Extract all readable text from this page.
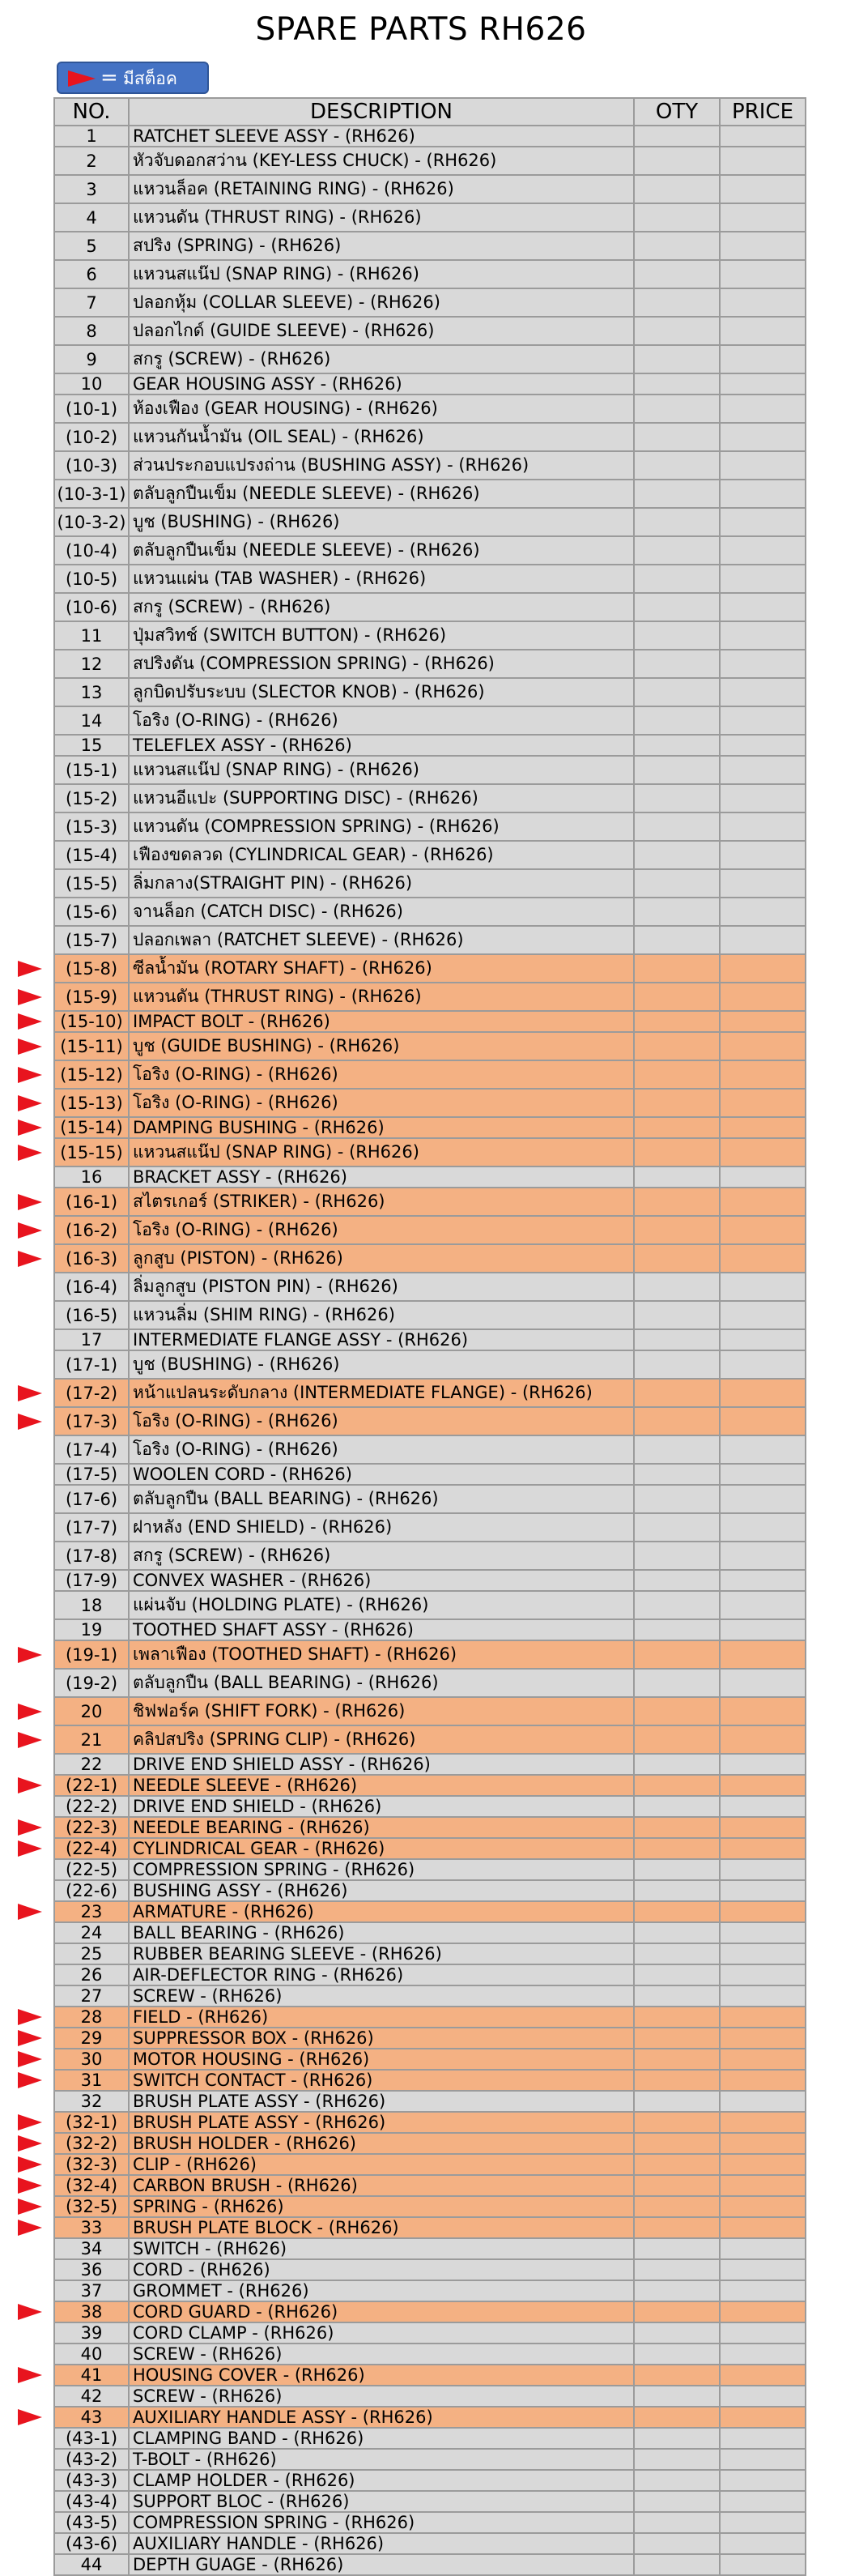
SPARE PARTS RH626
= มีสต็อค
NO.	DESCRIPTION	OTY	PRICE
1	RATCHET SLEEVE ASSY - (RH626)		
2	หัวจับดอกสว่าน (KEY-LESS CHUCK) - (RH626)		
3	แหวนล็อค (RETAINING RING) - (RH626)		
4	แหวนดัน (THRUST RING) - (RH626)		
5	สปริง (SPRING) - (RH626)		
6	แหวนสแน๊ป (SNAP RING) - (RH626)		
7	ปลอกหุ้ม (COLLAR SLEEVE) - (RH626)		
8	ปลอกไกด์ (GUIDE SLEEVE) - (RH626)		
9	สกรู (SCREW) - (RH626)		
10	GEAR HOUSING ASSY - (RH626)		
(10-1)	ห้องเฟือง (GEAR HOUSING) - (RH626)		
(10-2)	แหวนกันน้ำมัน (OIL SEAL) - (RH626)		
(10-3)	ส่วนประกอบแปรงถ่าน (BUSHING ASSY) - (RH626)		
(10-3-1)	ตลับลูกปืนเข็ม (NEEDLE SLEEVE) - (RH626)		
(10-3-2)	บูช (BUSHING) - (RH626)		
(10-4)	ตลับลูกปืนเข็ม (NEEDLE SLEEVE) - (RH626)		
(10-5)	แหวนแผ่น (TAB WASHER) - (RH626)		
(10-6)	สกรู (SCREW) - (RH626)		
11	ปุ่มสวิทช์ (SWITCH BUTTON) - (RH626)		
12	สปริงดัน (COMPRESSION SPRING) - (RH626)		
13	ลูกบิดปรับระบบ (SLECTOR KNOB) - (RH626)		
14	โอริง (O-RING) - (RH626)		
15	TELEFLEX ASSY - (RH626)		
(15-1)	แหวนสแน๊ป (SNAP RING) - (RH626)		
(15-2)	แหวนอีแปะ (SUPPORTING DISC) - (RH626)		
(15-3)	แหวนดัน (COMPRESSION SPRING) - (RH626)		
(15-4)	เฟืองขดลวด (CYLINDRICAL GEAR) - (RH626)		
(15-5)	ลิ่มกลาง(STRAIGHT PIN) - (RH626)		
(15-6)	จานล็อก (CATCH DISC) - (RH626)		
(15-7)	ปลอกเพลา (RATCHET SLEEVE) - (RH626)		
(15-8)	ซีลน้ำมัน (ROTARY SHAFT) - (RH626)		
(15-9)	แหวนดัน (THRUST RING) - (RH626)		
(15-10)	IMPACT BOLT - (RH626)		
(15-11)	บูช (GUIDE BUSHING) - (RH626)		
(15-12)	โอริง (O-RING) - (RH626)		
(15-13)	โอริง (O-RING) - (RH626)		
(15-14)	DAMPING BUSHING - (RH626)		
(15-15)	แหวนสแน๊ป (SNAP RING) - (RH626)		
16	BRACKET ASSY - (RH626)		
(16-1)	สไตรเกอร์ (STRIKER) - (RH626)		
(16-2)	โอริง (O-RING) - (RH626)		
(16-3)	ลูกสูบ (PISTON) - (RH626)		
(16-4)	ลิ่มลูกสูบ (PISTON PIN) - (RH626)		
(16-5)	แหวนลิ่ม (SHIM RING) - (RH626)		
17	INTERMEDIATE FLANGE ASSY - (RH626)		
(17-1)	บูช (BUSHING) - (RH626)		
(17-2)	หน้าแปลนระดับกลาง (INTERMEDIATE FLANGE) - (RH626)		
(17-3)	โอริง (O-RING) - (RH626)		
(17-4)	โอริง (O-RING) - (RH626)		
(17-5)	WOOLEN CORD - (RH626)		
(17-6)	ตลับลูกปืน (BALL BEARING) - (RH626)		
(17-7)	ฝาหลัง (END SHIELD) - (RH626)		
(17-8)	สกรู (SCREW) - (RH626)		
(17-9)	CONVEX WASHER - (RH626)		
18	แผ่นจับ (HOLDING PLATE) - (RH626)		
19	TOOTHED SHAFT ASSY - (RH626)		
(19-1)	เพลาเฟือง (TOOTHED SHAFT) - (RH626)		
(19-2)	ตลับลูกปืน (BALL BEARING) - (RH626)		
20	ชิฟฟอร์ค (SHIFT FORK) - (RH626)		
21	คลิปสปริง (SPRING CLIP) - (RH626)		
22	DRIVE END SHIELD ASSY - (RH626)		
(22-1)	NEEDLE SLEEVE - (RH626)		
(22-2)	DRIVE END SHIELD - (RH626)		
(22-3)	NEEDLE BEARING - (RH626)		
(22-4)	CYLINDRICAL GEAR - (RH626)		
(22-5)	COMPRESSION SPRING - (RH626)		
(22-6)	BUSHING ASSY - (RH626)		
23	ARMATURE - (RH626)		
24	BALL BEARING - (RH626)		
25	RUBBER BEARING SLEEVE - (RH626)		
26	AIR-DEFLECTOR RING - (RH626)		
27	SCREW - (RH626)		
28	FIELD - (RH626)		
29	SUPPRESSOR BOX - (RH626)		
30	MOTOR HOUSING - (RH626)		
31	SWITCH CONTACT - (RH626)		
32	BRUSH PLATE ASSY - (RH626)		
(32-1)	BRUSH PLATE ASSY - (RH626)		
(32-2)	BRUSH HOLDER - (RH626)		
(32-3)	CLIP - (RH626)		
(32-4)	CARBON BRUSH - (RH626)		
(32-5)	SPRING - (RH626)		
33	BRUSH PLATE BLOCK - (RH626)		
34	SWITCH - (RH626)		
36	CORD - (RH626)		
37	GROMMET - (RH626)		
38	CORD GUARD - (RH626)		
39	CORD CLAMP - (RH626)		
40	SCREW - (RH626)		
41	HOUSING COVER - (RH626)		
42	SCREW - (RH626)		
43	AUXILIARY HANDLE ASSY - (RH626)		
(43-1)	CLAMPING BAND - (RH626)		
(43-2)	T-BOLT - (RH626)		
(43-3)	CLAMP HOLDER - (RH626)		
(43-4)	SUPPORT BLOC - (RH626)		
(43-5)	COMPRESSION SPRING - (RH626)		
(43-6)	AUXILIARY HANDLE - (RH626)		
44	DEPTH GUAGE - (RH626)		
